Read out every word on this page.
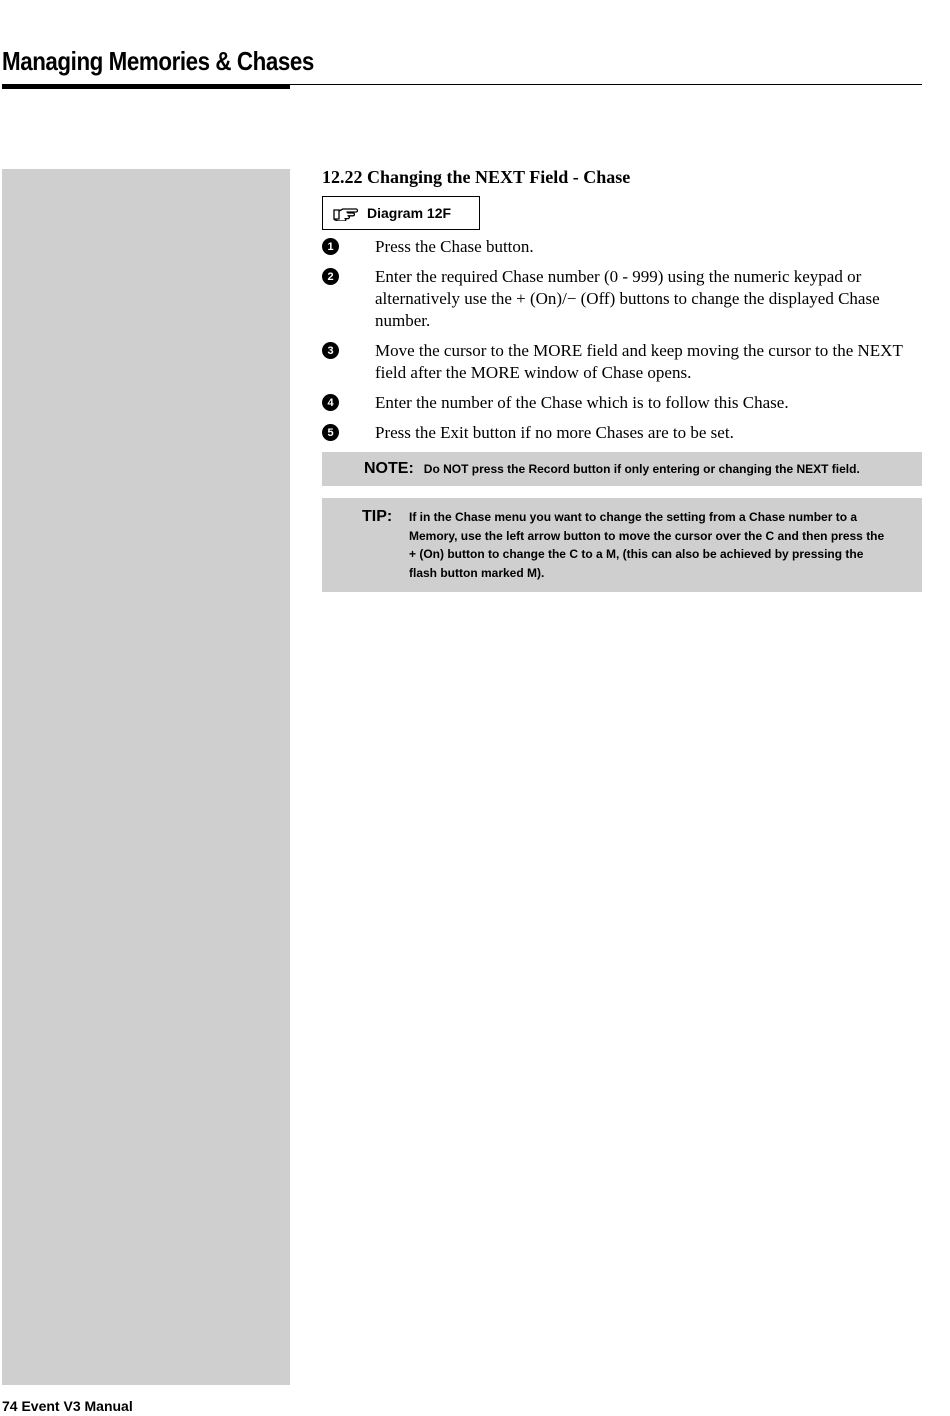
Managing Memories & Chases
12.22 Changing the NEXT Field - Chase
Diagram 12F
1	Press the Chase button.
2	Enter the required Chase number (0 - 999) using the numeric keypad or alternatively use the + (On)/− (Off) buttons to change the displayed Chase number.
3	Move the cursor to the MORE field and keep moving the cursor to the NEXT field after the MORE window of Chase opens.
4	Enter the number of the Chase which is to follow this Chase.
5	Press the Exit button if no more Chases are to be set.
NOTE: Do NOT press the Record button if only entering or changing the NEXT field.
TIP:	If in the Chase menu you want to change the setting from a Chase number to a Memory, use the left arrow button to move the cursor over the C and then press the + (On) button to change the C to a M, (this can also be achieved by pressing the flash button marked M).
74 Event V3 Manual
